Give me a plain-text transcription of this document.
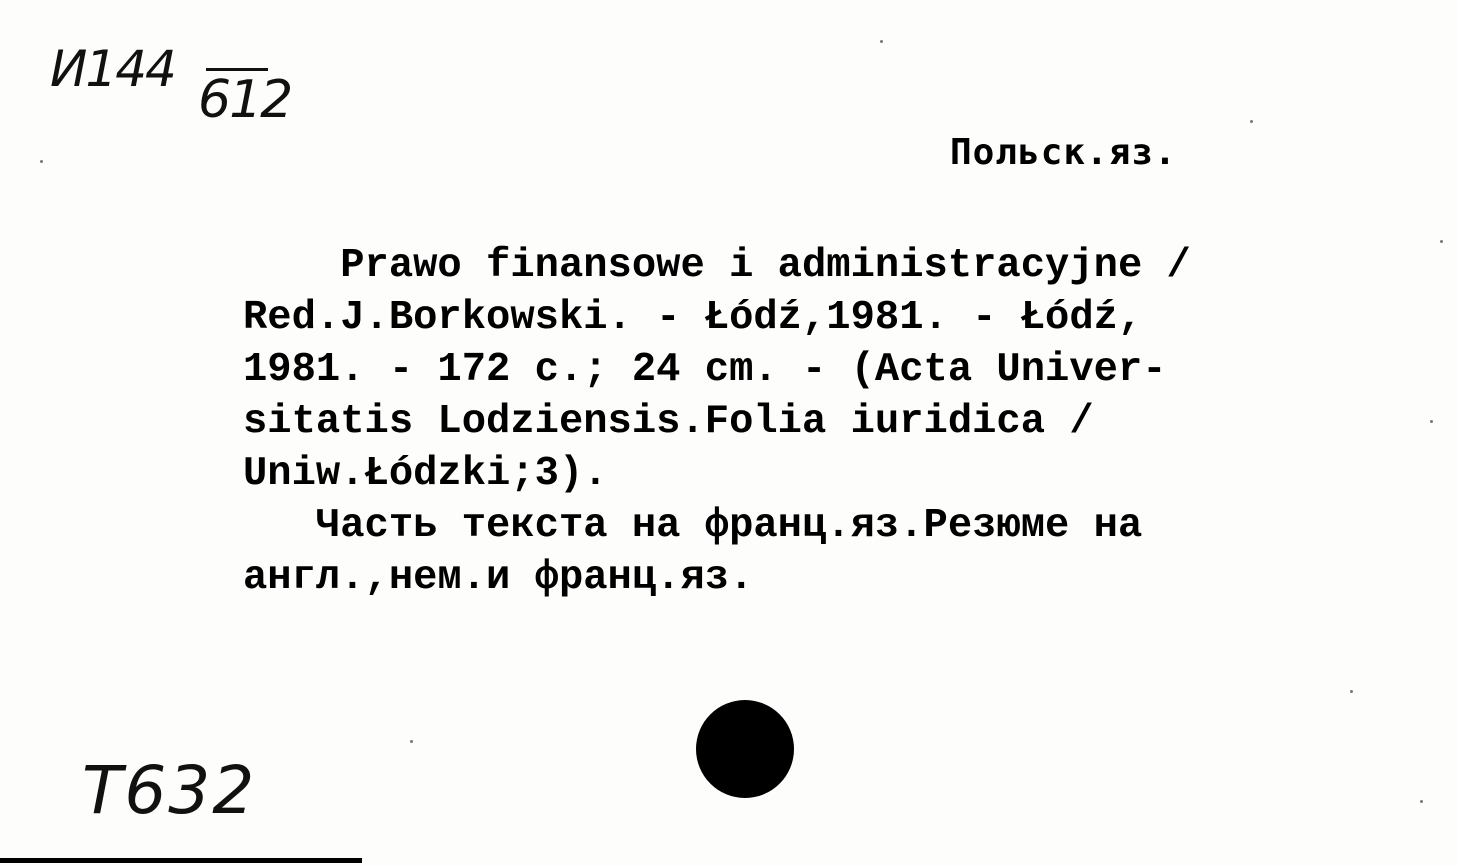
И144
612
Польск.яз.
Prawo finansowe i administracyjne /
Red.J.Borkowski. - Łódź,1981. - Łódź,
1981. - 172 c.; 24 cm. - (Acta Univer-
sitatis Lodziensis.Folia iuridica /
Uniw.Łódzki;3).
Часть текста на франц.яз.Резюме на
англ.,нем.и франц.яз.
T632
